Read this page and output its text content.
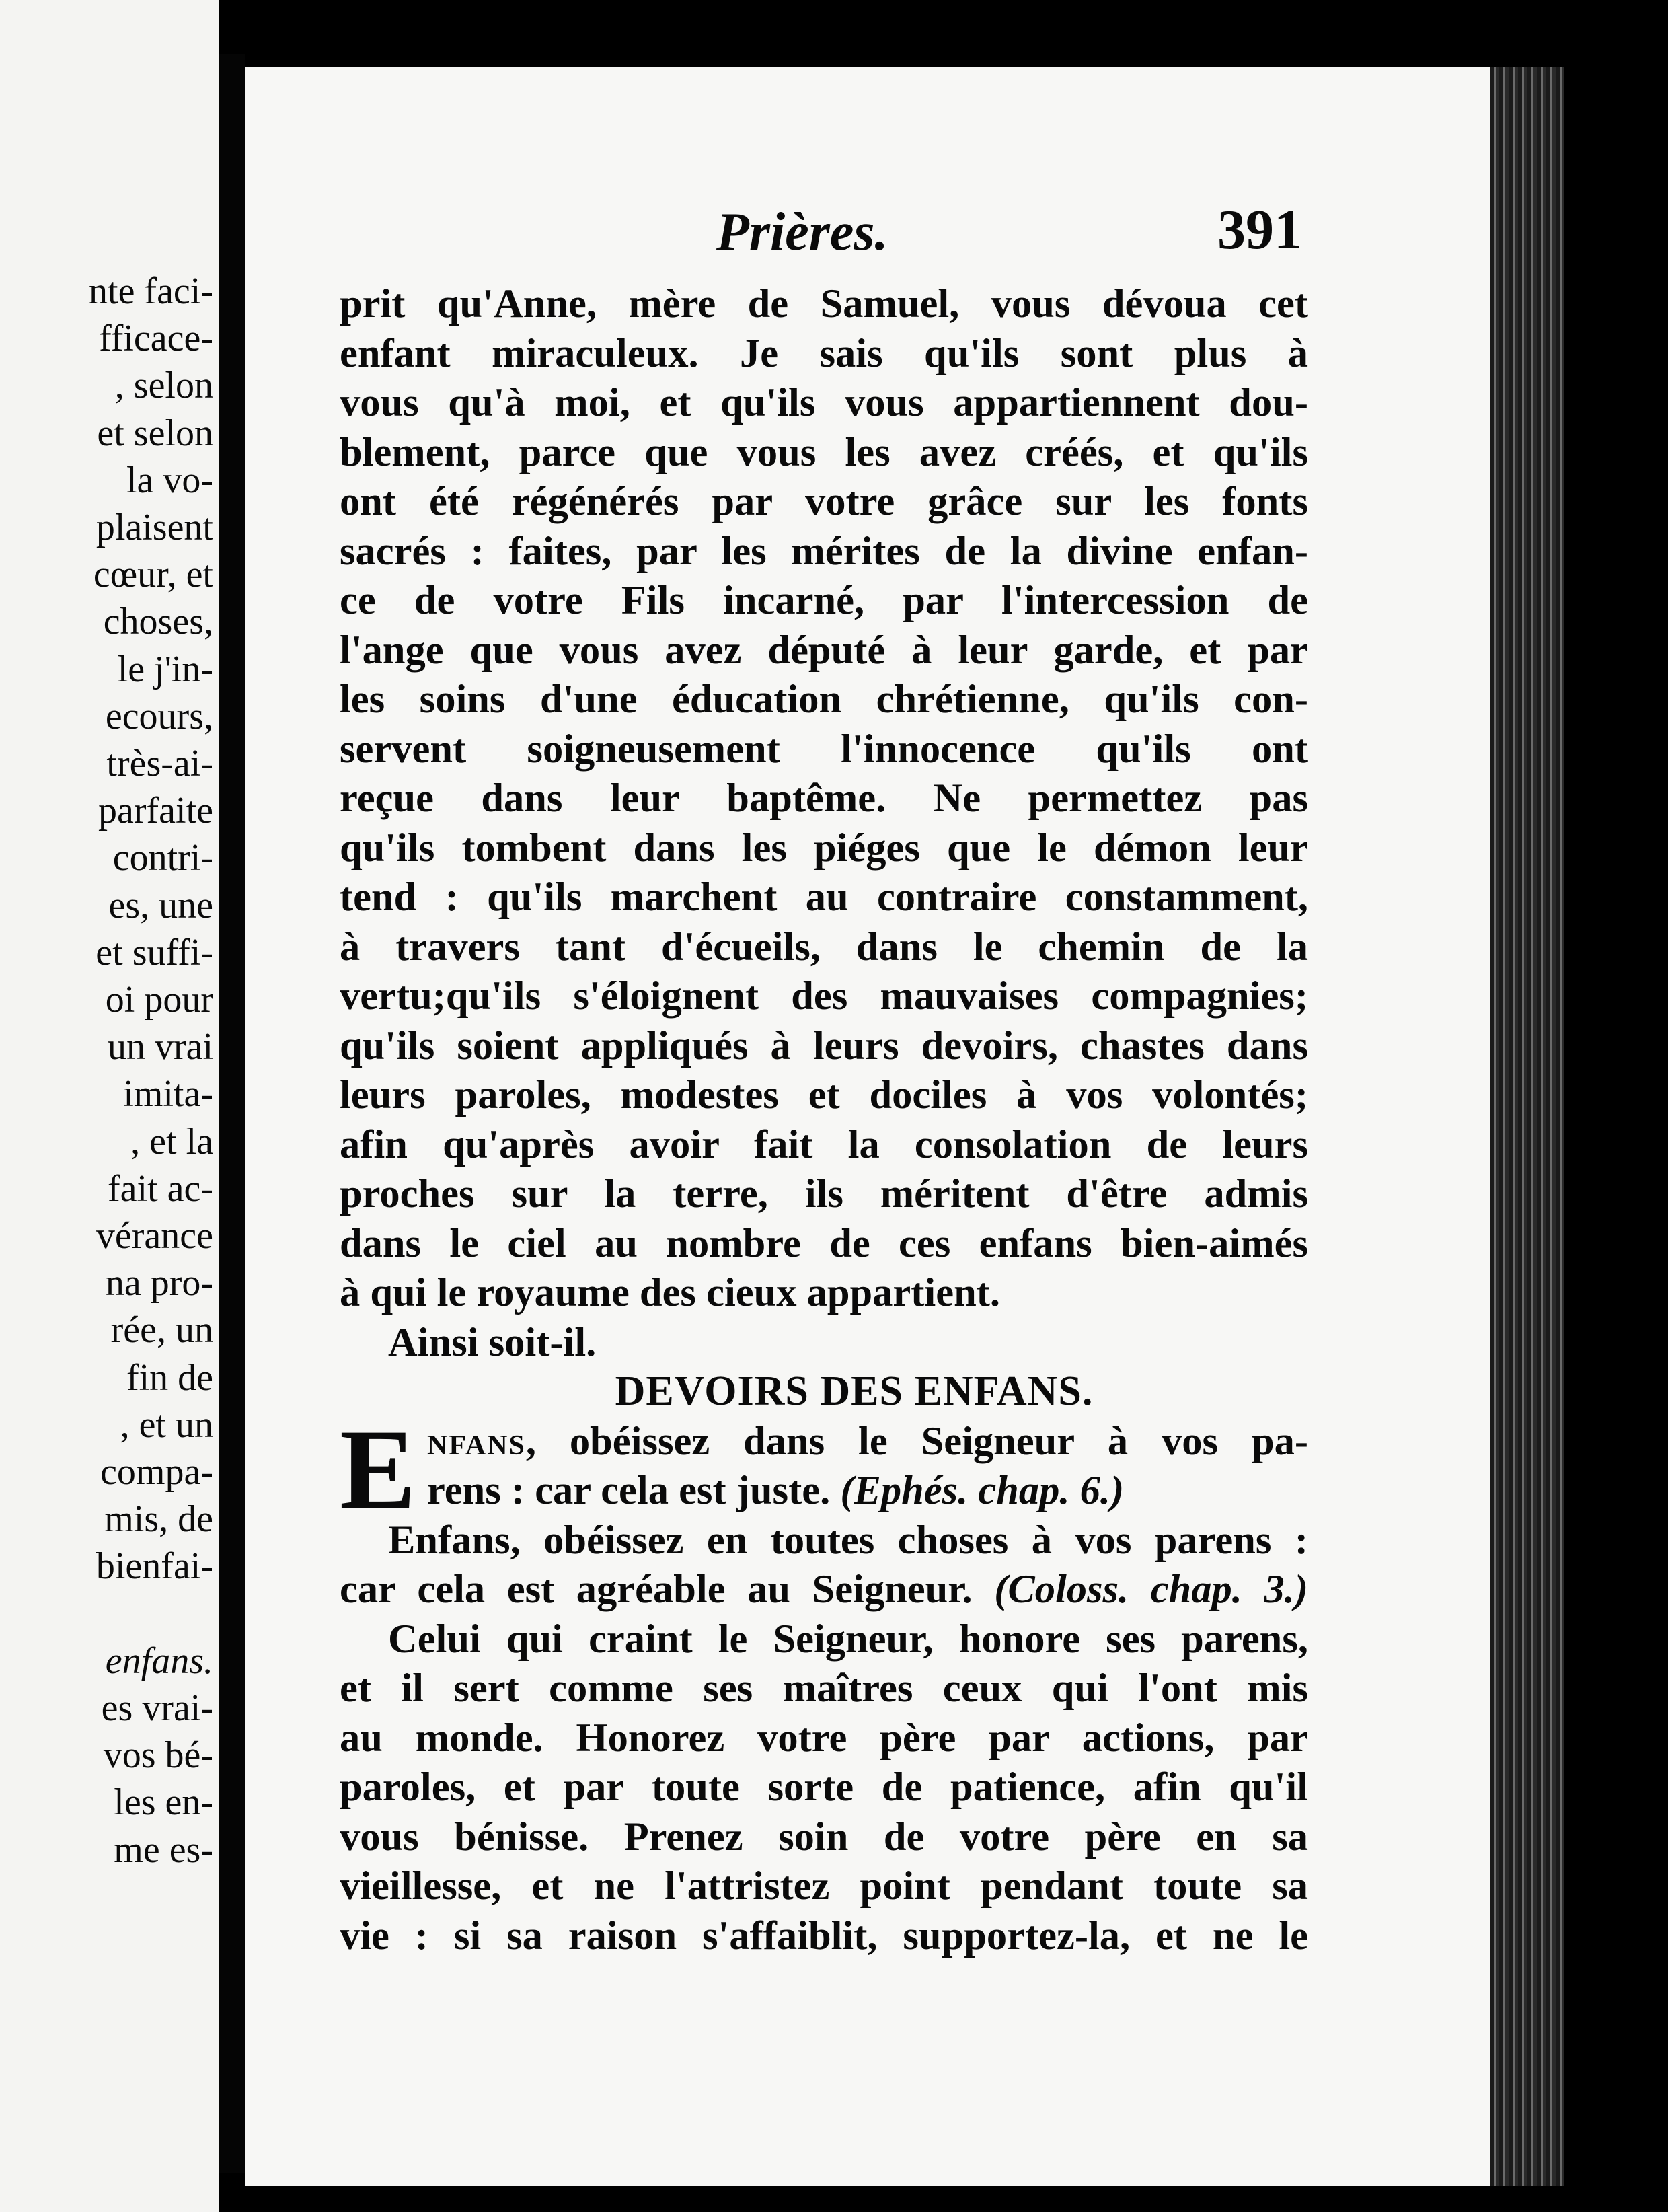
nte faci-
fficace-
, selon
et selon
la vo-
plaisent
cœur, et
choses,
le j'in-
ecours,
très-ai-
parfaite
contri-
es, une
et suffi-
oi pour
un vrai
imita-
, et la
fait ac-
vérance
na pro-
rée, un
fin de
, et un
compa-
mis, de
bienfai-
enfans.
es vrai-
vos bé-
les en-
me es-
Prières.	391
prit qu'Anne, mère de Samuel, vous dévoua cet
enfant miraculeux. Je sais qu'ils sont plus à
vous qu'à moi, et qu'ils vous appartiennent dou-
blement, parce que vous les avez créés, et qu'ils
ont été régénérés par votre grâce sur les fonts
sacrés : faites, par les mérites de la divine enfan-
ce de votre Fils incarné, par l'intercession de
l'ange que vous avez député à leur garde, et par
les soins d'une éducation chrétienne, qu'ils con-
servent soigneusement l'innocence qu'ils ont
reçue dans leur baptême. Ne permettez pas
qu'ils tombent dans les piéges que le démon leur
tend : qu'ils marchent au contraire constamment,
à travers tant d'écueils, dans le chemin de la
vertu;qu'ils s'éloignent des mauvaises compagnies;
qu'ils soient appliqués à leurs devoirs, chastes dans
leurs paroles, modestes et dociles à vos volontés;
afin qu'après avoir fait la consolation de leurs
proches sur la terre, ils méritent d'être admis
dans le ciel au nombre de ces enfans bien-aimés
à qui le royaume des cieux appartient.
Ainsi soit-il.
DEVOIRS DES ENFANS.
E nfans, obéissez dans le Seigneur à vos pa-
rens : car cela est juste. (Ephés. chap. 6.)
Enfans, obéissez en toutes choses à vos parens :
car cela est agréable au Seigneur. (Coloss. chap. 3.)
Celui qui craint le Seigneur, honore ses parens,
et il sert comme ses maîtres ceux qui l'ont mis
au monde. Honorez votre père par actions, par
paroles, et par toute sorte de patience, afin qu'il
vous bénisse. Prenez soin de votre père en sa
vieillesse, et ne l'attristez point pendant toute sa
vie : si sa raison s'affaiblit, supportez-la, et ne le
